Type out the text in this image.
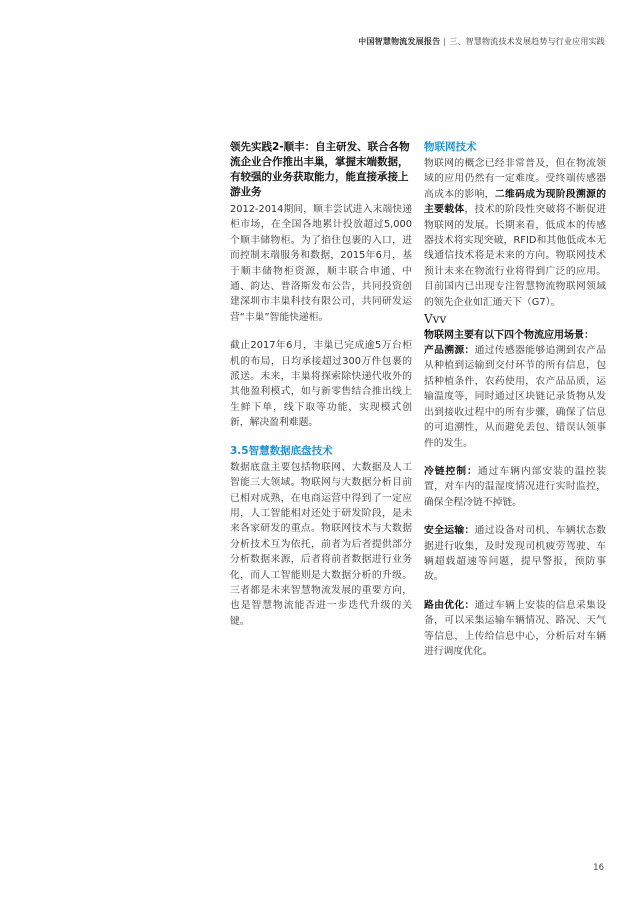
中国智慧物流发展报告 | 三、智慧物流技术发展趋势与行业应用实践
领先实践2-顺丰：自主研发、联合各物流企业合作推出丰巢，掌握末端数据，有较强的业务获取能力，能直接承接上游业务

2012-2014期间，顺丰尝试进入末端快递柜市场，在全国各地累计投放超过5,000个顺丰储物柜。为了掐住包裹的入口，进而控制末端服务和数据，2015年6月，基于顺丰储物柜资源，顺丰联合申通、中通、韵达、普洛斯发布公告，共同投资创建深圳市丰巢科技有限公司，共同研发运营“丰巢”智能快递柜。

截止2017年6月，丰巢已完成逾5万台柜机的布局，日均承接超过300万件包裹的派送。未来，丰巢将探索除快递代收外的其他盈利模式，如与新零售结合推出线上生鲜下单，线下取等功能，实现模式创新，解决盈利难题。

3.5智慧数据底盘技术

数据底盘主要包括物联网、大数据及人工智能三大领域。物联网与大数据分析目前已相对成熟，在电商运营中得到了一定应用，人工智能相对还处于研发阶段，是未来各家研发的重点。物联网技术与大数据分析技术互为依托，前者为后者提供部分分析数据来源，后者将前者数据进行业务化，而人工智能则是大数据分析的升级。三者都是未来智慧物流发展的重要方向，也是智慧物流能否进一步迭代升级的关键。

物联网技术

物联网的概念已经非常普及，但在物流领域的应用仍然有一定难度。受终端传感器高成本的影响，二维码成为现阶段溯源的主要载体，技术的阶段性突破将不断促进物联网的发展。长期来看，低成本的传感器技术将实现突破，RFID和其他低成本无线通信技术将是未来的方向。物联网技术预计未来在物流行业将得到广泛的应用。目前国内已出现专注智慧物流物联网领域的领先企业如汇通天下（G7）。

Vvv
物联网主要有以下四个物流应用场景：

产品溯源：通过传感器能够追溯到农产品从种植到运输到交付环节的所有信息，包括种植条件，农药使用，农产品品质，运输温度等，同时通过区块链记录货物从发出到接收过程中的所有步骤，确保了信息的可追溯性，从而避免丢包、错误认领事件的发生。

冷链控制：通过车辆内部安装的温控装置，对车内的温湿度情况进行实时监控，确保全程冷链不掉链。

安全运输：通过设备对司机、车辆状态数据进行收集，及时发现司机疲劳驾驶、车辆超载超速等问题，提早警报，预防事故。

路由优化：通过车辆上安装的信息采集设备，可以采集运输车辆情况、路况、天气等信息，上传给信息中心，分析后对车辆进行调度优化。

16
